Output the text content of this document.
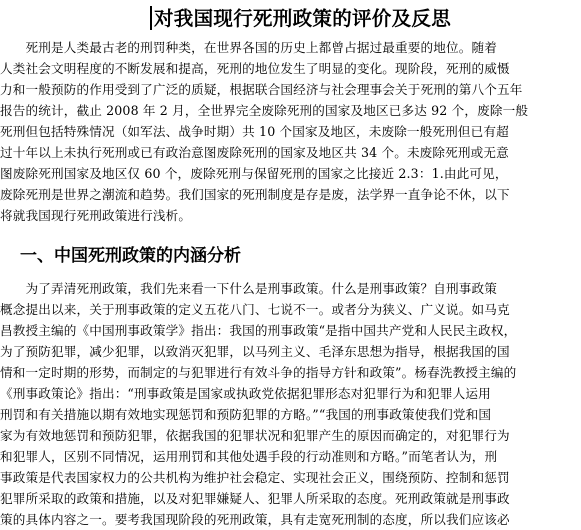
对我国现行死刑政策的评价及反思
　　死刑是人类最古老的刑罚种类，在世界各国的历史上都曾占据过最重要的地位。随着
人类社会文明程度的不断发展和提高，死刑的地位发生了明显的变化。现阶段，死刑的威慑
力和一般预防的作用受到了广泛的质疑，根据联合国经济与社会理事会关于死刑的第八个五年
报告的统计，截止 2008 年 2 月，全世界完全废除死刑的国家及地区已多达 92 个，废除一般
死刑但包括特殊情况（如军法、战争时期）共 10 个国家及地区，未废除一般死刑但已有超
过十年以上未执行死刑或已有政治意图废除死刑的国家及地区共 34 个。未废除死刑或无意
图废除死刑国家及地区仅 60 个，废除死刑与保留死刑的国家之比接近 2.3：1.由此可见，
废除死刑是世界之潮流和趋势。我们国家的死刑制度是存是废，法学界一直争论不休，以下
将就我国现行死刑政策进行浅析。
一、中国死刑政策的内涵分析
　　为了弄清死刑政策，我们先来看一下什么是刑事政策。什么是刑事政策？自刑事政策
概念提出以来，关于刑事政策的定义五花八门、七说不一。或者分为狭义、广义说。如马克
昌教授主编的《中国刑事政策学》指出：我国的刑事政策“是指中国共产党和人民民主政权，
为了预防犯罪，减少犯罪，以致消灭犯罪，以马列主义、毛泽东思想为指导，根据我国的国
情和一定时期的形势，而制定的与犯罪进行有效斗争的指导方针和政策”。杨春洗教授主编的
《刑事政策论》指出：“刑事政策是国家或执政党依据犯罪形态对犯罪行为和犯罪人运用
刑罚和有关措施以期有效地实现惩罚和预防犯罪的方略。”“我国的刑事政策使我们党和国
家为有效地惩罚和预防犯罪，依据我国的犯罪状况和犯罪产生的原因而确定的，对犯罪行为
和犯罪人，区别不同情况，运用刑罚和其他处遇手段的行动准则和方略。”而笔者认为，刑
事政策是代表国家权力的公共机构为维护社会稳定、实现社会正义，围绕预防、控制和惩罚
犯罪所采取的政策和措施，以及对犯罪嫌疑人、犯罪人所采取的态度。死刑政策就是刑事政
策的具体内容之一。要考我国现阶段的死刑政策，具有走宽死刑制的态度，所以我们应该必
